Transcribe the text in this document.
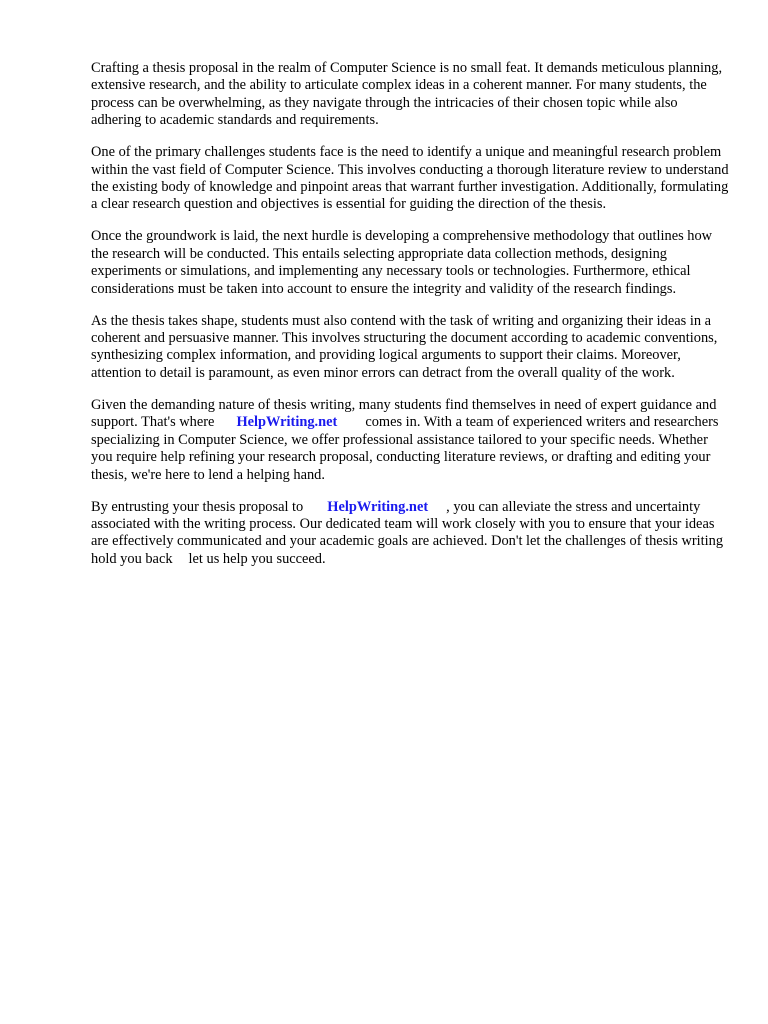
Crafting a thesis proposal in the realm of Computer Science is no small feat. It demands meticulous planning, extensive research, and the ability to articulate complex ideas in a coherent manner. For many students, the process can be overwhelming, as they navigate through the intricacies of their chosen topic while also adhering to academic standards and requirements.

One of the primary challenges students face is the need to identify a unique and meaningful research problem within the vast field of Computer Science. This involves conducting a thorough literature review to understand the existing body of knowledge and pinpoint areas that warrant further investigation. Additionally, formulating a clear research question and objectives is essential for guiding the direction of the thesis.

Once the groundwork is laid, the next hurdle is developing a comprehensive methodology that outlines how the research will be conducted. This entails selecting appropriate data collection methods, designing experiments or simulations, and implementing any necessary tools or technologies. Furthermore, ethical considerations must be taken into account to ensure the integrity and validity of the research findings.

As the thesis takes shape, students must also contend with the task of writing and organizing their ideas in a coherent and persuasive manner. This involves structuring the document according to academic conventions, synthesizing complex information, and providing logical arguments to support their claims. Moreover, attention to detail is paramount, as even minor errors can detract from the overall quality of the work.

Given the demanding nature of thesis writing, many students find themselves in need of expert guidance and support. That's where HelpWriting.net comes in. With a team of experienced writers and researchers specializing in Computer Science, we offer professional assistance tailored to your specific needs. Whether you require help refining your research proposal, conducting literature reviews, or drafting and editing your thesis, we're here to lend a helping hand.

By entrusting your thesis proposal to HelpWriting.net , you can alleviate the stress and uncertainty associated with the writing process. Our dedicated team will work closely with you to ensure that your ideas are effectively communicated and your academic goals are achieved. Don't let the challenges of thesis writing hold you back let us help you succeed.
